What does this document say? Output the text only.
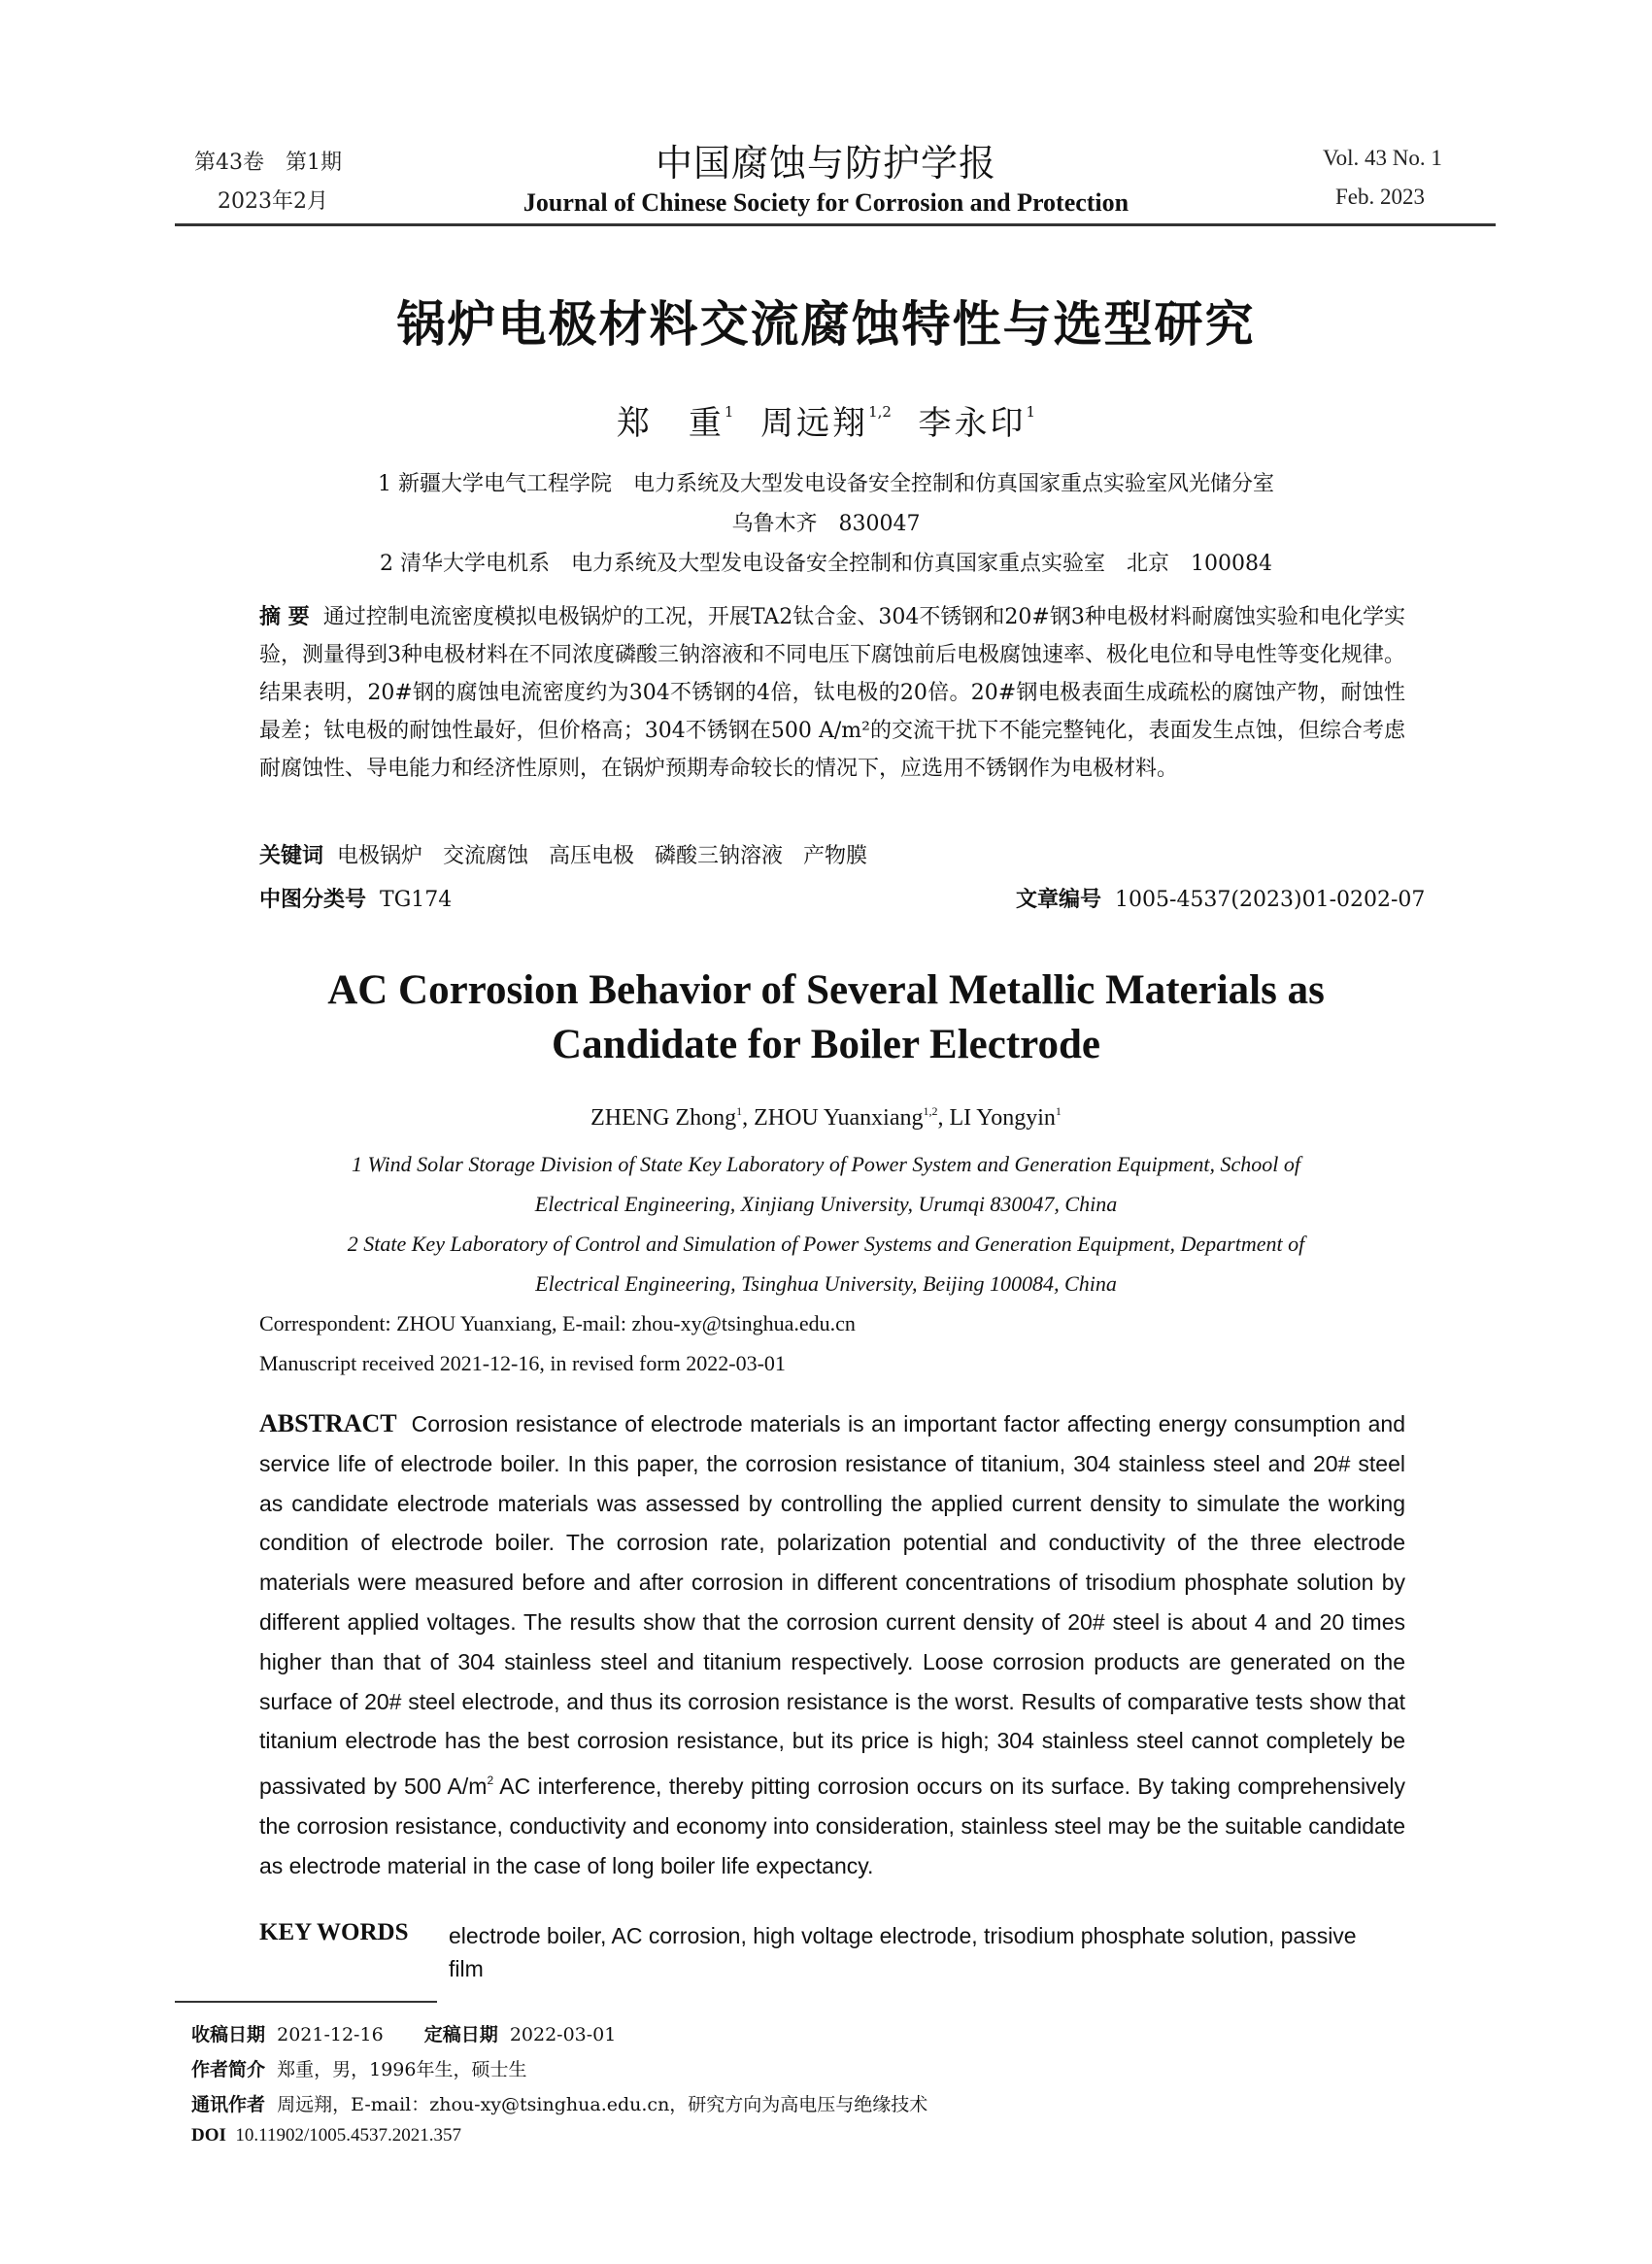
第43卷　第1期
2023年2月
中国腐蚀与防护学报
Journal of Chinese Society for Corrosion and Protection
Vol. 43 No. 1
Feb. 2023
锅炉电极材料交流腐蚀特性与选型研究
郑　重$^1$ 周远翔$^{1,2}$ 李永印$^1$
1 新疆大学电气工程学院　电力系统及大型发电设备安全控制和仿真国家重点实验室风光储分室
乌鲁木齐　830047
2 清华大学电机系　电力系统及大型发电设备安全控制和仿真国家重点实验室　北京　100084
摘 要 通过控制电流密度模拟电极锅炉的工况，开展TA2钛合金、304不锈钢和20#钢3种电极材料耐腐蚀实验和电化学实验，测量得到3种电极材料在不同浓度磷酸三钠溶液和不同电压下腐蚀前后电极腐蚀速率、极化电位和导电性等变化规律。结果表明，20#钢的腐蚀电流密度约为304不锈钢的4倍，钛电极的20倍。20#钢电极表面生成疏松的腐蚀产物，耐蚀性最差；钛电极的耐蚀性最好，但价格高；304不锈钢在500 A/m²的交流干扰下不能完整钝化，表面发生点蚀，但综合考虑耐腐蚀性、导电能力和经济性原则，在锅炉预期寿命较长的情况下，应选用不锈钢作为电极材料。
关键词 电极锅炉 交流腐蚀 高压电极 磷酸三钠溶液 产物膜
中图分类号 TG174	文章编号 1005-4537(2023)01-0202-07
AC Corrosion Behavior of Several Metallic Materials as
Candidate for Boiler Electrode
ZHENG Zhong$^1$, ZHOU Yuanxiang$^{1,2}$, LI Yongyin$^1$
1 Wind Solar Storage Division of State Key Laboratory of Power System and Generation Equipment, School of
Electrical Engineering, Xinjiang University, Urumqi 830047, China
2 State Key Laboratory of Control and Simulation of Power Systems and Generation Equipment, Department of
Electrical Engineering, Tsinghua University, Beijing 100084, China
Correspondent: ZHOU Yuanxiang, E-mail: zhou-xy@tsinghua.edu.cn
Manuscript received 2021-12-16, in revised form 2022-03-01
ABSTRACT Corrosion resistance of electrode materials is an important factor affecting energy consumption and service life of electrode boiler. In this paper, the corrosion resistance of titanium, 304 stainless steel and 20# steel as candidate electrode materials was assessed by controlling the applied current density to simulate the working condition of electrode boiler. The corrosion rate, polarization potential and conductivity of the three electrode materials were measured before and after corrosion in different concentrations of trisodium phosphate solution by different applied voltages. The results show that the corrosion current density of 20# steel is about 4 and 20 times higher than that of 304 stainless steel and titanium respectively. Loose corrosion products are generated on the surface of 20# steel electrode, and thus its corrosion resistance is the worst. Results of comparative tests show that titanium electrode has the best corrosion resistance, but its price is high; 304 stainless steel cannot completely be passivated by 500 $A/m^2$ AC interference, thereby pitting corrosion occurs on its surface. By taking comprehensively the corrosion resistance, conductivity and economy into consideration, stainless steel may be the suitable candidate as electrode material in the case of long boiler life expectancy.
KEY WORDS electrode boiler, AC corrosion, high voltage electrode, trisodium phosphate solution, passive film
收稿日期 2021-12-16 定稿日期 2022-03-01
作者简介 郑重，男，1996年生，硕士生
通讯作者 周远翔，E-mail：zhou-xy@tsinghua.edu.cn，研究方向为高电压与绝缘技术
DOI 10.11902/1005.4537.2021.357
